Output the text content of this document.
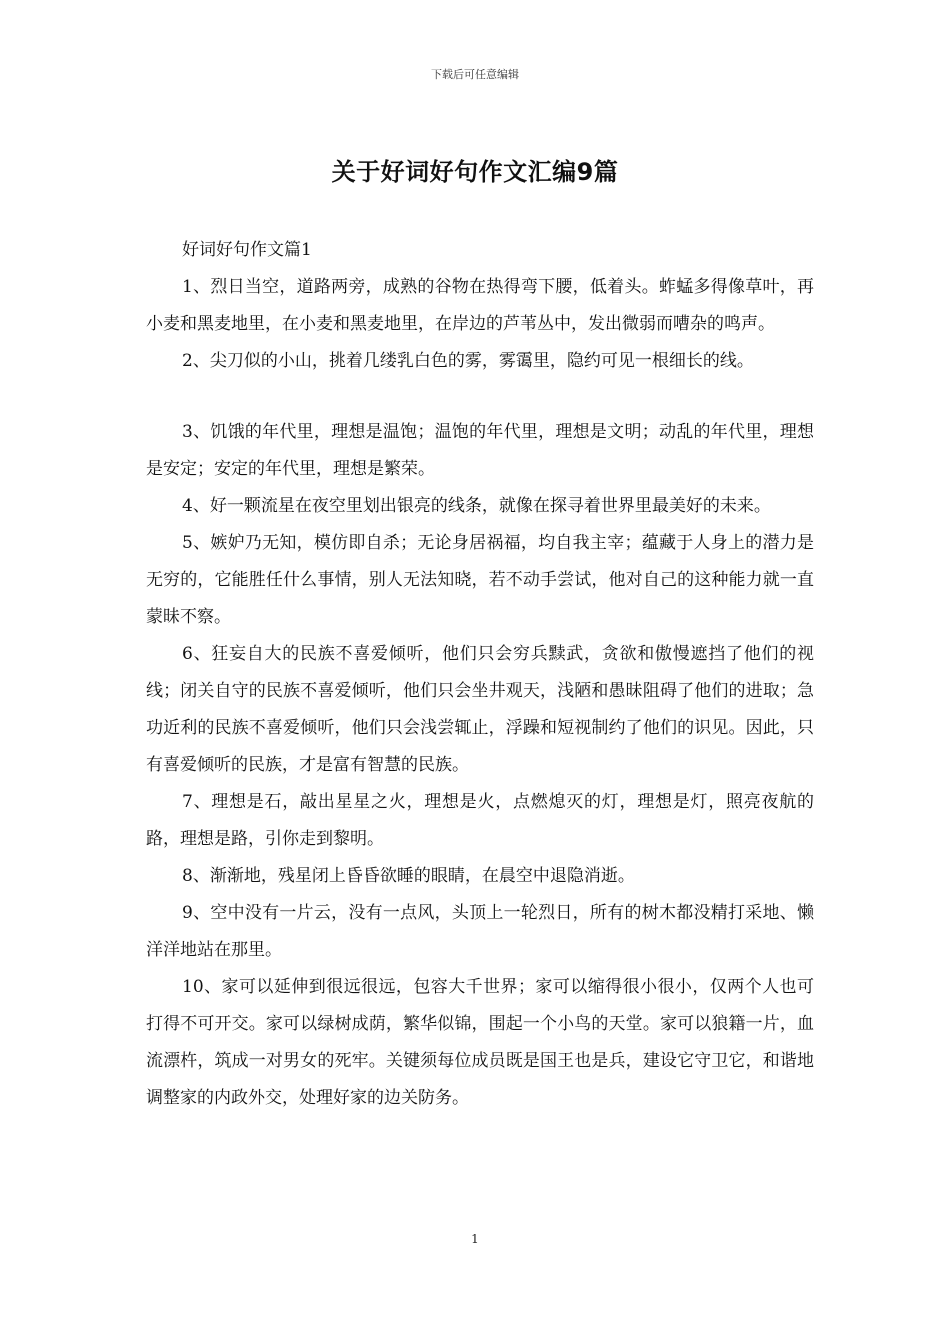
下载后可任意编辑
关于好词好句作文汇编9篇

好词好句作文篇1

1、烈日当空，道路两旁，成熟的谷物在热得弯下腰，低着头。蚱蜢多得像草叶，再小麦和黑麦地里，在小麦和黑麦地里，在岸边的芦苇丛中，发出微弱而嘈杂的鸣声。

2、尖刀似的小山，挑着几缕乳白色的雾，雾霭里，隐约可见一根细长的线。

3、饥饿的年代里，理想是温饱；温饱的年代里，理想是文明；动乱的年代里，理想是安定；安定的年代里，理想是繁荣。

4、好一颗流星在夜空里划出银亮的线条，就像在探寻着世界里最美好的未来。

5、嫉妒乃无知，模仿即自杀；无论身居祸福，均自我主宰；蕴藏于人身上的潜力是无穷的，它能胜任什么事情，别人无法知晓，若不动手尝试，他对自己的这种能力就一直蒙昧不察。

6、狂妄自大的民族不喜爱倾听，他们只会穷兵黩武，贪欲和傲慢遮挡了他们的视线；闭关自守的民族不喜爱倾听，他们只会坐井观天，浅陋和愚昧阻碍了他们的进取；急功近利的民族不喜爱倾听，他们只会浅尝辄止，浮躁和短视制约了他们的识见。因此，只有喜爱倾听的民族，才是富有智慧的民族。

7、理想是石，敲出星星之火，理想是火，点燃熄灭的灯，理想是灯，照亮夜航的路，理想是路，引你走到黎明。

8、渐渐地，残星闭上昏昏欲睡的眼睛，在晨空中退隐消逝。

9、空中没有一片云，没有一点风，头顶上一轮烈日，所有的树木都没精打采地、懒洋洋地站在那里。

10、家可以延伸到很远很远，包容大千世界；家可以缩得很小很小，仅两个人也可打得不可开交。家可以绿树成荫，繁华似锦，围起一个小鸟的天堂。家可以狼籍一片，血流漂杵，筑成一对男女的死牢。关键须每位成员既是国王也是兵，建设它守卫它，和谐地调整家的内政外交，处理好家的边关防务。

1
